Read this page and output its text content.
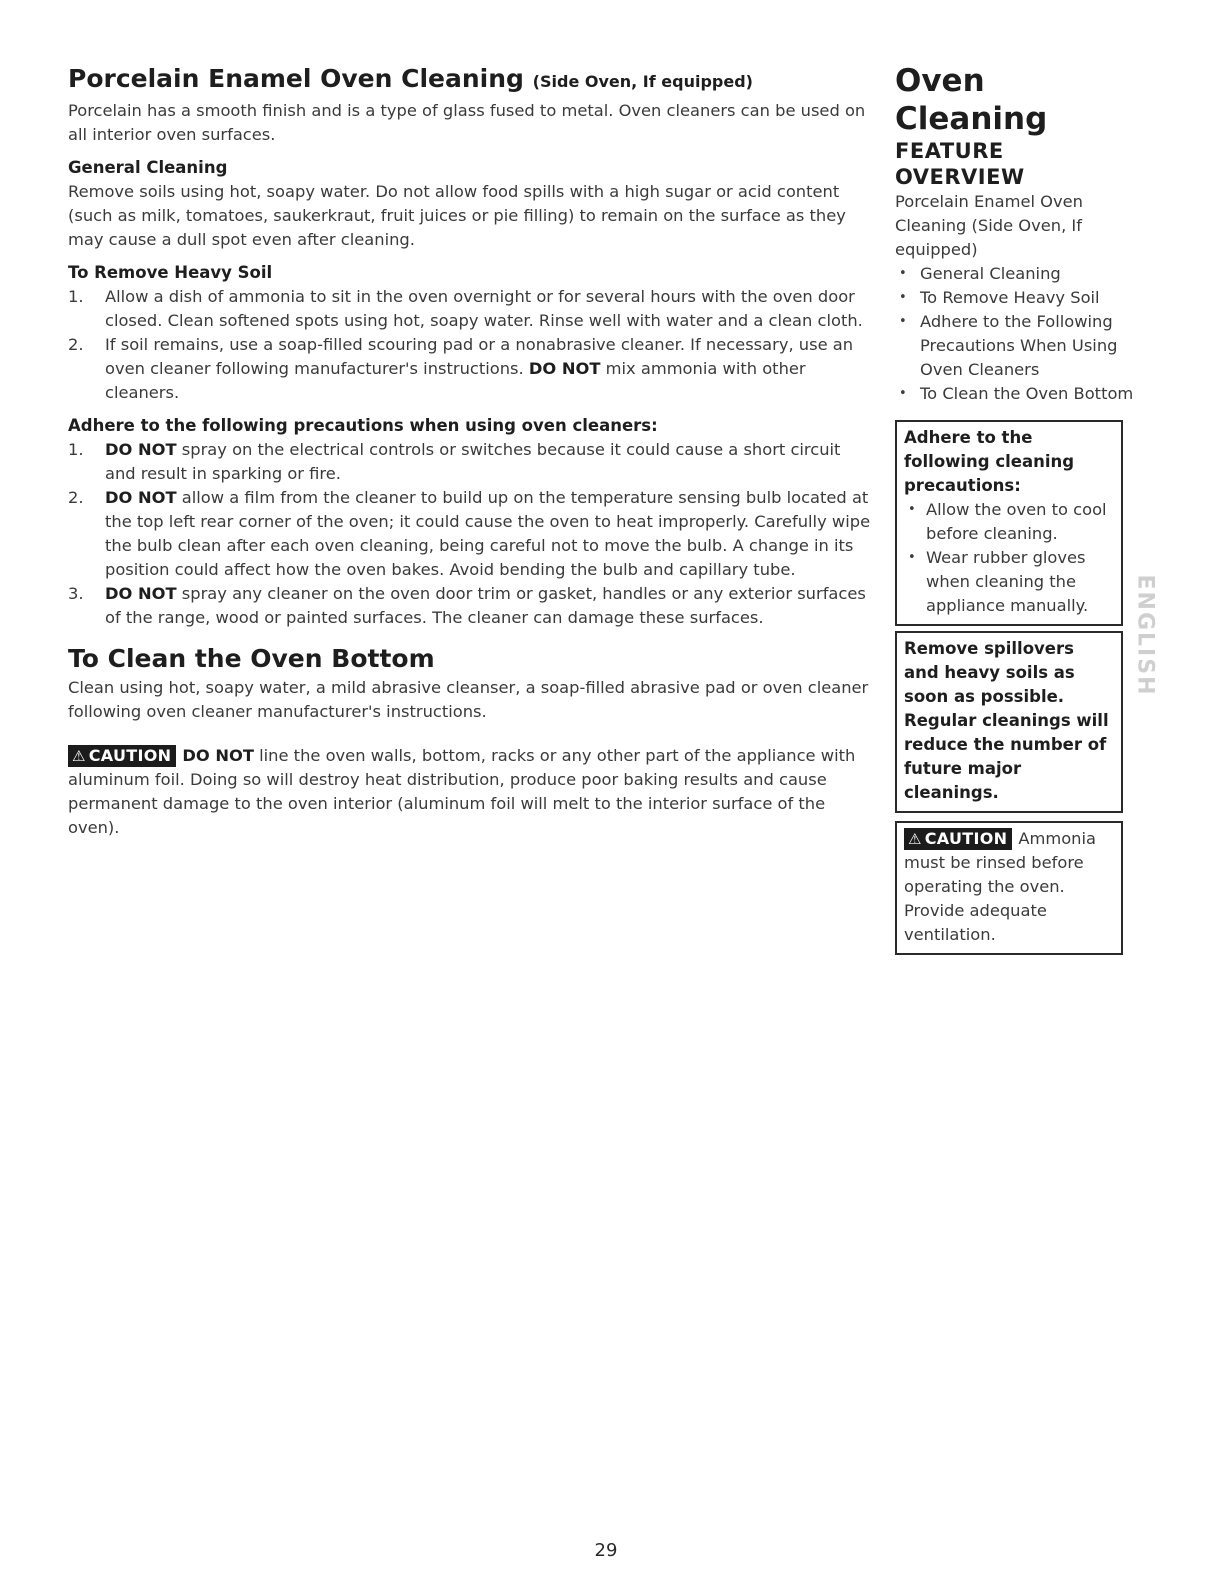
Porcelain Enamel Oven Cleaning (Side Oven, If equipped)

Porcelain has a smooth finish and is a type of glass fused to metal. Oven cleaners can be used on all interior oven surfaces.

General Cleaning

Remove soils using hot, soapy water. Do not allow food spills with a high sugar or acid content (such as milk, tomatoes, saukerkraut, fruit juices or pie filling) to remain on the surface as they may cause a dull spot even after cleaning.

To Remove Heavy Soil
1. Allow a dish of ammonia to sit in the oven overnight or for several hours with the oven door closed. Clean softened spots using hot, soapy water. Rinse well with water and a clean cloth.
2. If soil remains, use a soap-filled scouring pad or a nonabrasive cleaner. If necessary, use an oven cleaner following manufacturer's instructions. DO NOT mix ammonia with other cleaners.
Adhere to the following precautions when using oven cleaners:
1. DO NOT spray on the electrical controls or switches because it could cause a short circuit and result in sparking or fire.
2. DO NOT allow a film from the cleaner to build up on the temperature sensing bulb located at the top left rear corner of the oven; it could cause the oven to heat improperly. Carefully wipe the bulb clean after each oven cleaning, being careful not to move the bulb. A change in its position could affect how the oven bakes. Avoid bending the bulb and capillary tube.
3. DO NOT spray any cleaner on the oven door trim or gasket, handles or any exterior surfaces of the range, wood or painted surfaces. The cleaner can damage these surfaces.
To Clean the Oven Bottom

Clean using hot, soapy water, a mild abrasive cleanser, a soap-filled abrasive pad or oven cleaner following oven cleaner manufacturer's instructions.

⚠ CAUTION DO NOT line the oven walls, bottom, racks or any other part of the appliance with aluminum foil. Doing so will destroy heat distribution, produce poor baking results and cause permanent damage to the oven interior (aluminum foil will melt to the interior surface of the oven).

Oven Cleaning
FEATURE OVERVIEW

Porcelain Enamel Oven Cleaning (Side Oven, If equipped)

• General Cleaning
• To Remove Heavy Soil
• Adhere to the Following Precautions When Using Oven Cleaners
• To Clean the Oven Bottom
Adhere to the following cleaning precautions:
• Allow the oven to cool before cleaning.
• Wear rubber gloves when cleaning the appliance manually.
Remove spillovers and heavy soils as soon as possible. Regular cleanings will reduce the number of future major cleanings.

⚠ CAUTION Ammonia must be rinsed before operating the oven. Provide adequate ventilation.

ENGLISH
29
